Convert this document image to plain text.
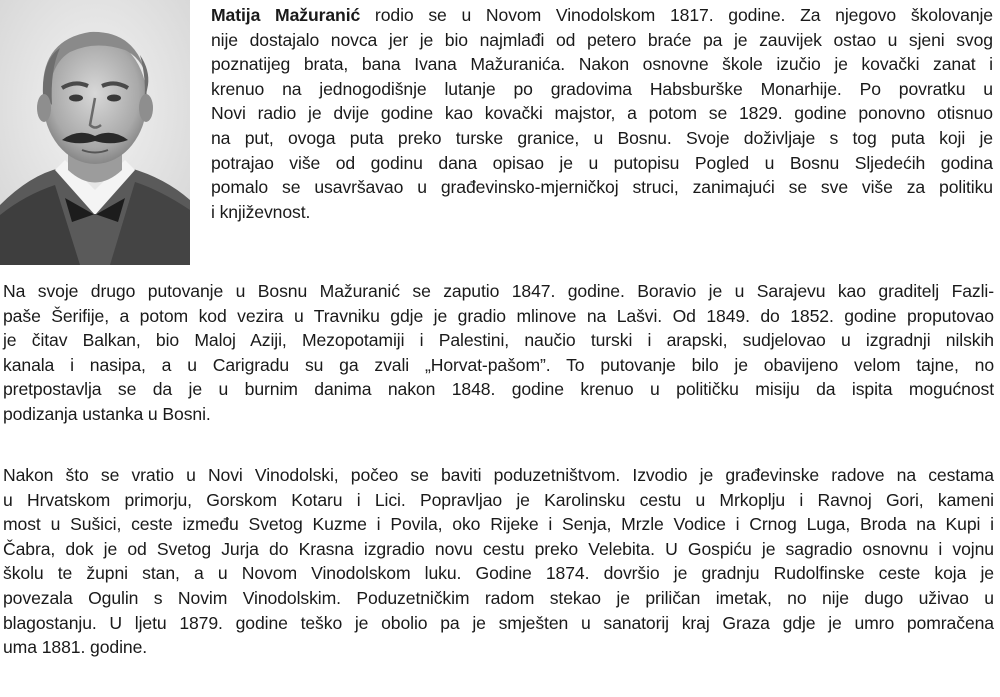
Matija Mažuranić rodio se u Novom Vinodolskom 1817. godine. Za njegovo školovanje
nije dostajalo novca jer je bio najmlađi od petero braće pa je zauvijek ostao u sjeni svog
poznatijeg brata, bana Ivana Mažuranića. Nakon osnovne škole izučio je kovački zanat i
krenuo na jednogodišnje lutanje po gradovima Habsburške Monarhije. Po povratku u
Novi radio je dvije godine kao kovački majstor, a potom se 1829. godine ponovno otisnuo
na put, ovoga puta preko turske granice, u Bosnu. Svoje doživljaje s tog puta koji je
potrajao više od godinu dana opisao je u putopisu Pogled u Bosnu Sljedećih godina
pomalo se usavršavao u građevinsko-mjerničkoj struci, zanimajući se sve više za politiku
i književnost.

Na svoje drugo putovanje u Bosnu Mažuranić se zaputio 1847. godine. Boravio je u Sarajevu kao graditelj Fazli-
paše Šerifije, a potom kod vezira u Travniku gdje je gradio mlinove na Lašvi. Od 1849. do 1852. godine proputovao
je čitav Balkan, bio Maloj Aziji, Mezopotamiji i Palestini, naučio turski i arapski, sudjelovao u izgradnji nilskih
kanala i nasipa, a u Carigradu su ga zvali „Horvat-pašom”. To putovanje bilo je obavijeno velom tajne, no
pretpostavlja se da je u burnim danima nakon 1848. godine krenuo u političku misiju da ispita mogućnost
podizanja ustanka u Bosni.

Nakon što se vratio u Novi Vinodolski, počeo se baviti poduzetništvom. Izvodio je građevinske radove na cestama
u Hrvatskom primorju, Gorskom Kotaru i Lici. Popravljao je Karolinsku cestu u Mrkoplju i Ravnoj Gori, kameni
most u Sušici, ceste između Svetog Kuzme i Povila, oko Rijeke i Senja, Mrzle Vodice i Crnog Luga, Broda na Kupi i
Čabra, dok je od Svetog Jurja do Krasna izgradio novu cestu preko Velebita. U Gospiću je sagradio osnovnu i vojnu
školu te župni stan, a u Novom Vinodolskom luku. Godine 1874. dovršio je gradnju Rudolfinske ceste koja je
povezala Ogulin s Novim Vinodolskim. Poduzetničkim radom stekao je priličan imetak, no nije dugo uživao u
blagostanju. U ljetu 1879. godine teško je obolio pa je smješten u sanatorij kraj Graza gdje je umro pomračena
uma 1881. godine.
